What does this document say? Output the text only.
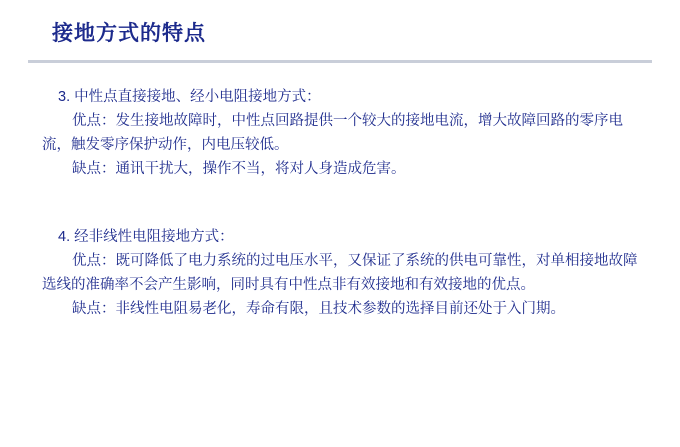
接地方式的特点
3. 中性点直接接地、经小电阻接地方式：

优点：发生接地故障时，中性点回路提供一个较大的接地电流，增大故障回路的零序电流，触发零序保护动作，内电压较低。

缺点：通讯干扰大，操作不当，将对人身造成危害。

4. 经非线性电阻接地方式：

优点：既可降低了电力系统的过电压水平，又保证了系统的供电可靠性，对单相接地故障选线的准确率不会产生影响，同时具有中性点非有效接地和有效接地的优点。

缺点：非线性电阻易老化，寿命有限，且技术参数的选择目前还处于入门期。
